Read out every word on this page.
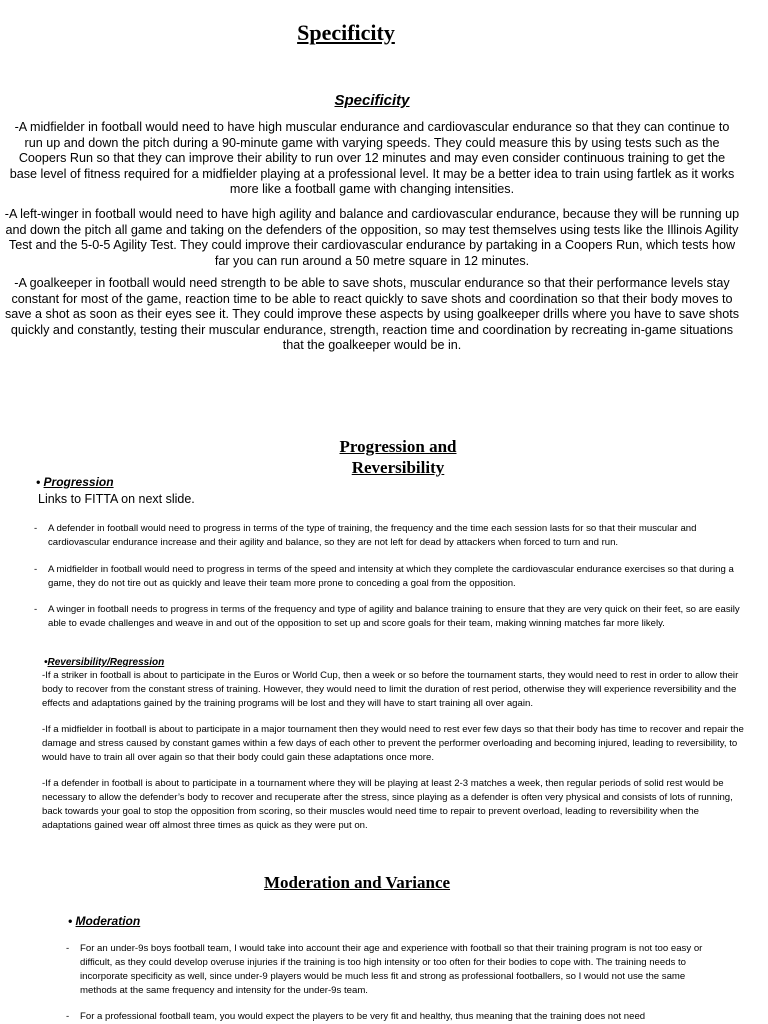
Specificity
Specificity
-A midfielder in football would need to have high muscular endurance and cardiovascular endurance so that they can continue to run up and down the pitch during a 90-minute game with varying speeds. They could measure this by using tests such as the Coopers Run so that they can improve their ability to run over 12 minutes and may even consider continuous training to get the base level of fitness required for a midfielder playing at a professional level. It may be a better idea to train using fartlek as it works more like a football game with changing intensities.
-A left-winger in football would need to have high agility and balance and cardiovascular endurance, because they will be running up and down the pitch all game and taking on the defenders of the opposition, so may test themselves using tests like the Illinois Agility Test and the 5-0-5 Agility Test. They could improve their cardiovascular endurance by partaking in a Coopers Run, which tests how far you can run around a 50 metre square in 12 minutes.
-A goalkeeper in football would need strength to be able to save shots, muscular endurance so that their performance levels stay constant for most of the game, reaction time to be able to react quickly to save shots and coordination so that their body moves to save a shot as soon as their eyes see it. They could improve these aspects by using goalkeeper drills where you have to save shots quickly and constantly, testing their muscular endurance, strength, reaction time and coordination by recreating in-game situations that the goalkeeper would be in.
Progression and Reversibility
• Progression
Links to FITTA on next slide.
- A defender in football would need to progress in terms of the type of training, the frequency and the time each session lasts for so that their muscular and cardiovascular endurance increase and their agility and balance, so they are not left for dead by attackers when forced to turn and run.
- A midfielder in football would need to progress in terms of the speed and intensity at which they complete the cardiovascular endurance exercises so that during a game, they do not tire out as quickly and leave their team more prone to conceding a goal from the opposition.
- A winger in football needs to progress in terms of the frequency and type of agility and balance training to ensure that they are very quick on their feet, so are easily able to evade challenges and weave in and out of the opposition to set up and score goals for their team, making winning matches far more likely.
•Reversibility/Regression
-If a striker in football is about to participate in the Euros or World Cup, then a week or so before the tournament starts, they would need to rest in order to allow their body to recover from the constant stress of training. However, they would need to limit the duration of rest period, otherwise they will experience reversibility and the effects and adaptations gained by the training programs will be lost and they will have to start training all over again.
-If a midfielder in football is about to participate in a major tournament then they would need to rest ever few days so that their body has time to recover and repair the damage and stress caused by constant games within a few days of each other to prevent the performer overloading and becoming injured, leading to reversibility, to would have to train all over again so that their body could gain these adaptations once more.
-If a defender in football is about to participate in a tournament where they will be playing at least 2-3 matches a week, then regular periods of solid rest would be necessary to allow the defender’s body to recover and recuperate after the stress, since playing as a defender is often very physical and consists of lots of running, back towards your goal to stop the opposition from scoring, so their muscles would need time to repair to prevent overload, leading to reversibility when the adaptations gained wear off almost three times as quick as they were put on.
Moderation and Variance
• Moderation
- For an under-9s boys football team, I would take into account their age and experience with football so that their training program is not too easy or difficult, as they could develop overuse injuries if the training is too high intensity or too often for their bodies to cope with. The training needs to incorporate specificity as well, since under-9 players would be much less fit and strong as professional footballers, so I would not use the same methods at the same frequency and intensity for the under-9s team.
- For a professional football team, you would expect the players to be very fit and healthy, thus meaning that the training does not need
